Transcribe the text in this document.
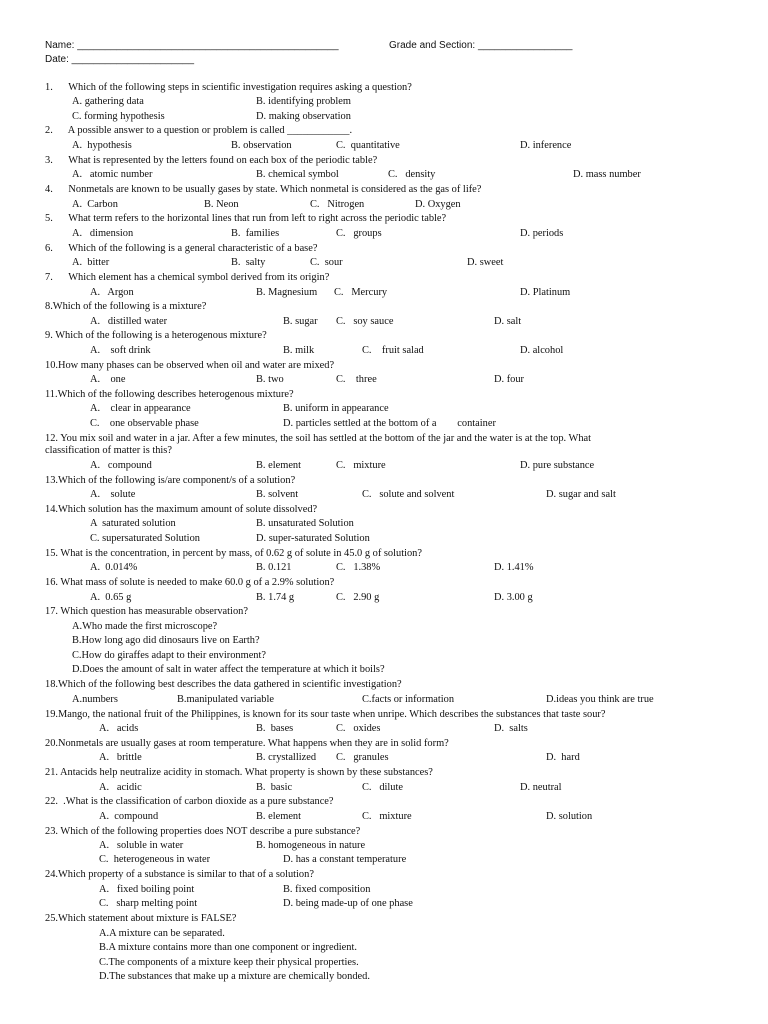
Name: _______________________________________________	Grade and Section: _________________
Date: ______________________
1.      Which of the following steps in scientific investigation requires asking a question?
A. gathering data	B. identifying problem
C. forming hypothesis	D. making observation
2.      A possible answer to a question or problem is called ____________.
A.  hypothesis	B. observation	C.  quantitative	D. inference
3.      What is represented by the letters found on each box of the periodic table?
A.   atomic number	B. chemical symbol	C.   density	D. mass number
4.      Nonmetals are known to be usually gases by state. Which nonmetal is considered as the gas of life?
A.  Carbon	B. Neon	C.   Nitrogen	D. Oxygen
5.      What term refers to the horizontal lines that run from left to right across the periodic table?
A.   dimension	B.  families	C.   groups	D. periods
6.      Which of the following is a general characteristic of a base?
A.  bitter	B.  salty	C.  sour	D. sweet
7.      Which element has a chemical symbol derived from its origin?
A.   Argon	B. Magnesium C.   Mercury	D. Platinum
8.Which of the following is a mixture?
A.   distilled water	B. sugar C.   soy sauce	D. salt
9. Which of the following is a heterogenous mixture?
A.    soft drink	B. milk	C.    fruit salad	D. alcohol
10.How many phases can be observed when oil and water are mixed?
A.    one	B. two	C.    three	D. four
11.Which of the following describes heterogenous mixture?
A.    clear in appearance	B. uniform in appearance
C.    one observable phase	D. particles settled at the bottom of a        container
12. You mix soil and water in a jar. After a few minutes, the soil has settled at the bottom of the jar and the water is at the top. What
classification of matter is this?
A.   compound	B. element	C.   mixture	D. pure substance
13.Which of the following is/are component/s of a solution?
A.    solute	B. solvent	C.   solute and solvent	D. sugar and salt
14.Which solution has the maximum amount of solute dissolved?
A  saturated solution	B. unsaturated Solution
C. supersaturated Solution	D. super-saturated Solution
15. What is the concentration, in percent by mass, of 0.62 g of solute in 45.0 g of solution?
A.  0.014%	B. 0.121	C.   1.38%	D. 1.41%
16. What mass of solute is needed to make 60.0 g of a 2.9% solution?
A.  0.65 g	B. 1.74 g	C.   2.90 g	D. 3.00 g
17. Which question has measurable observation?
A.Who made the first microscope?
B.How long ago did dinosaurs live on Earth?
C.How do giraffes adapt to their environment?
D.Does the amount of salt in water affect the temperature at which it boils?
18.Which of the following best describes the data gathered in scientific investigation?
A.numbers	B.manipulated variable	C.facts or information	D.ideas you think are true
19.Mango, the national fruit of the Philippines, is known for its sour taste when unripe. Which describes the substances that taste sour?
A.   acids	B.  bases	C.   oxides	D.  salts
20.Nonmetals are usually gases at room temperature. What happens when they are in solid form?
A.   brittle	B. crystallized C.   granules	D.  hard
21. Antacids help neutralize acidity in stomach. What property is shown by these substances?
A.   acidic	B.  basic	C.   dilute	D. neutral
22.  .What is the classification of carbon dioxide as a pure substance?
A.  compound	B. element	C.   mixture	D. solution
23. Which of the following properties does NOT describe a pure substance?
A.   soluble in water	B. homogeneous in nature
C.  heterogeneous in water	D. has a constant temperature
24.Which property of a substance is similar to that of a solution?
A.   fixed boiling point	B. fixed composition
C.   sharp melting point	D. being made-up of one phase
25.Which statement about mixture is FALSE?
A.A mixture can be separated.
B.A mixture contains more than one component or ingredient.
C.The components of a mixture keep their physical properties.
D.The substances that make up a mixture are chemically bonded.
